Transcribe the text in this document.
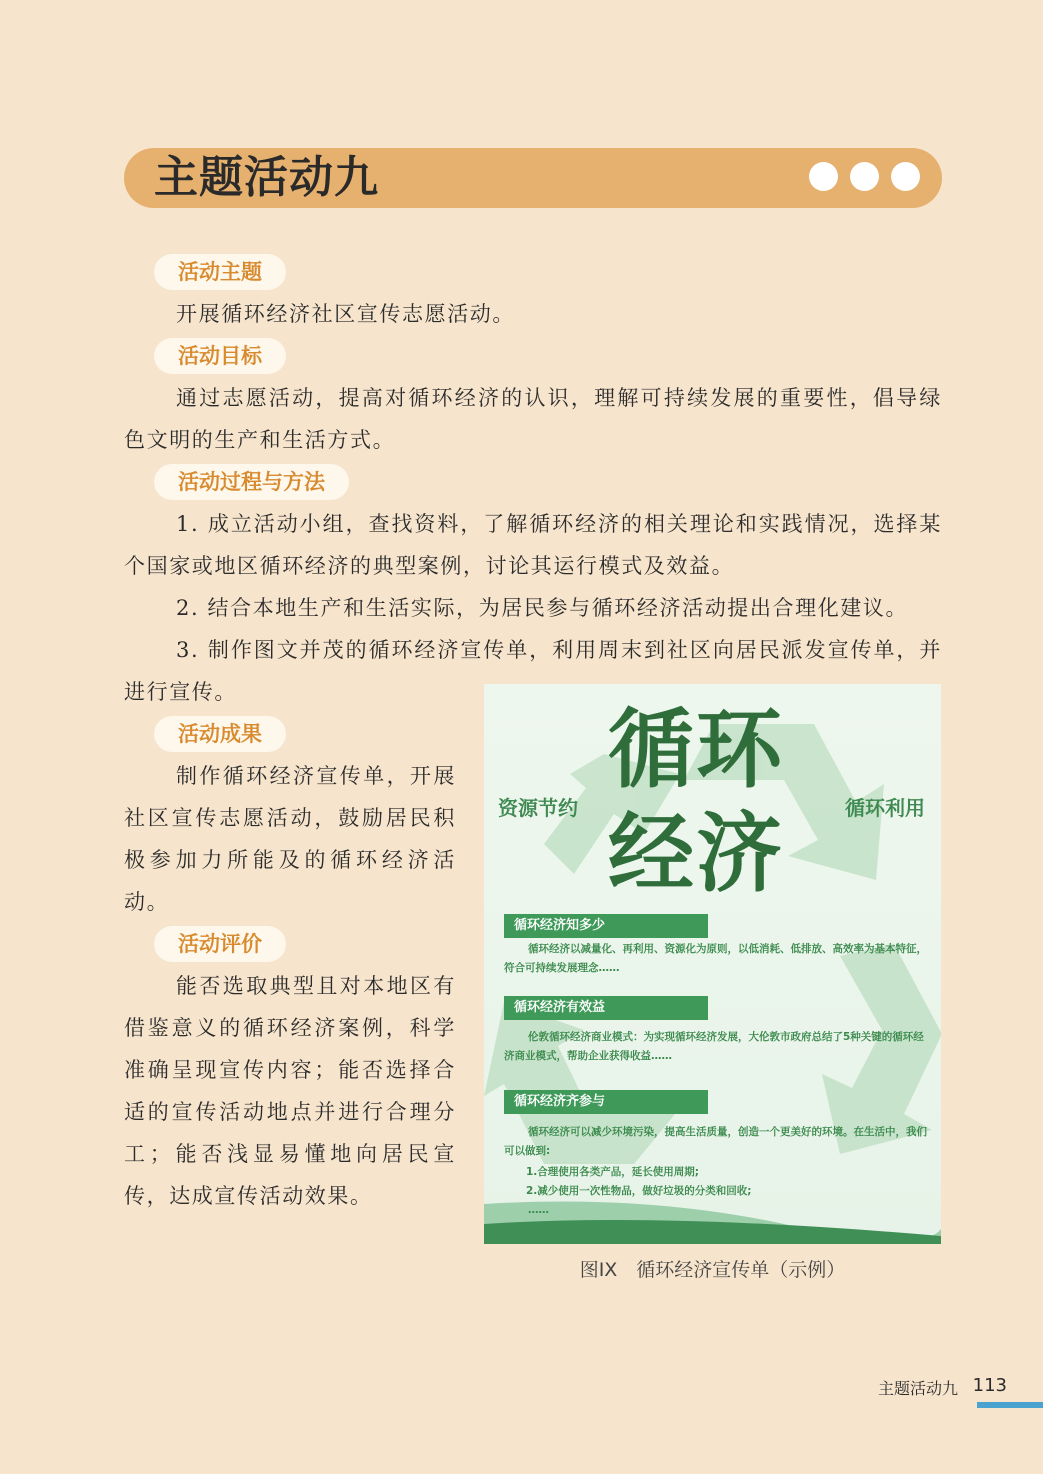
主题活动九
活动主题

开展循环经济社区宣传志愿活动。

活动目标

通过志愿活动，提高对循环经济的认识，理解可持续发展的重要性，倡导绿色文明的生产和生活方式。

活动过程与方法

1. 成立活动小组，查找资料，了解循环经济的相关理论和实践情况，选择某个国家或地区循环经济的典型案例，讨论其运行模式及效益。

2. 结合本地生产和生活实际，为居民参与循环经济活动提出合理化建议。

3. 制作图文并茂的循环经济宣传单，利用周末到社区向居民派发宣传单，并进行宣传。

活动成果

制作循环经济宣传单，开展社区宣传志愿活动，鼓励居民积极参加力所能及的循环经济活动。

活动评价

能否选取典型且对本地区有借鉴意义的循环经济案例，科学准确呈现宣传内容；能否选择合适的宣传活动地点并进行合理分工；能否浅显易懂地向居民宣传，达成宣传活动效果。

循环
经济
资源节约	循环利用
循环经济知多少

循环经济以减量化、再利用、资源化为原则，以低消耗、低排放、高效率为基本特征，符合可持续发展理念……

循环经济有效益

伦敦循环经济商业模式：为实现循环经济发展，大伦敦市政府总结了5种关键的循环经济商业模式，帮助企业获得收益……

循环经济齐参与

循环经济可以减少环境污染，提高生活质量，创造一个更美好的环境。在生活中，我们可以做到:

1.合理使用各类产品，延长使用周期;
2.减少使用一次性物品，做好垃圾的分类和回收;
……
图IX　循环经济宣传单（示例）
主题活动九 113
